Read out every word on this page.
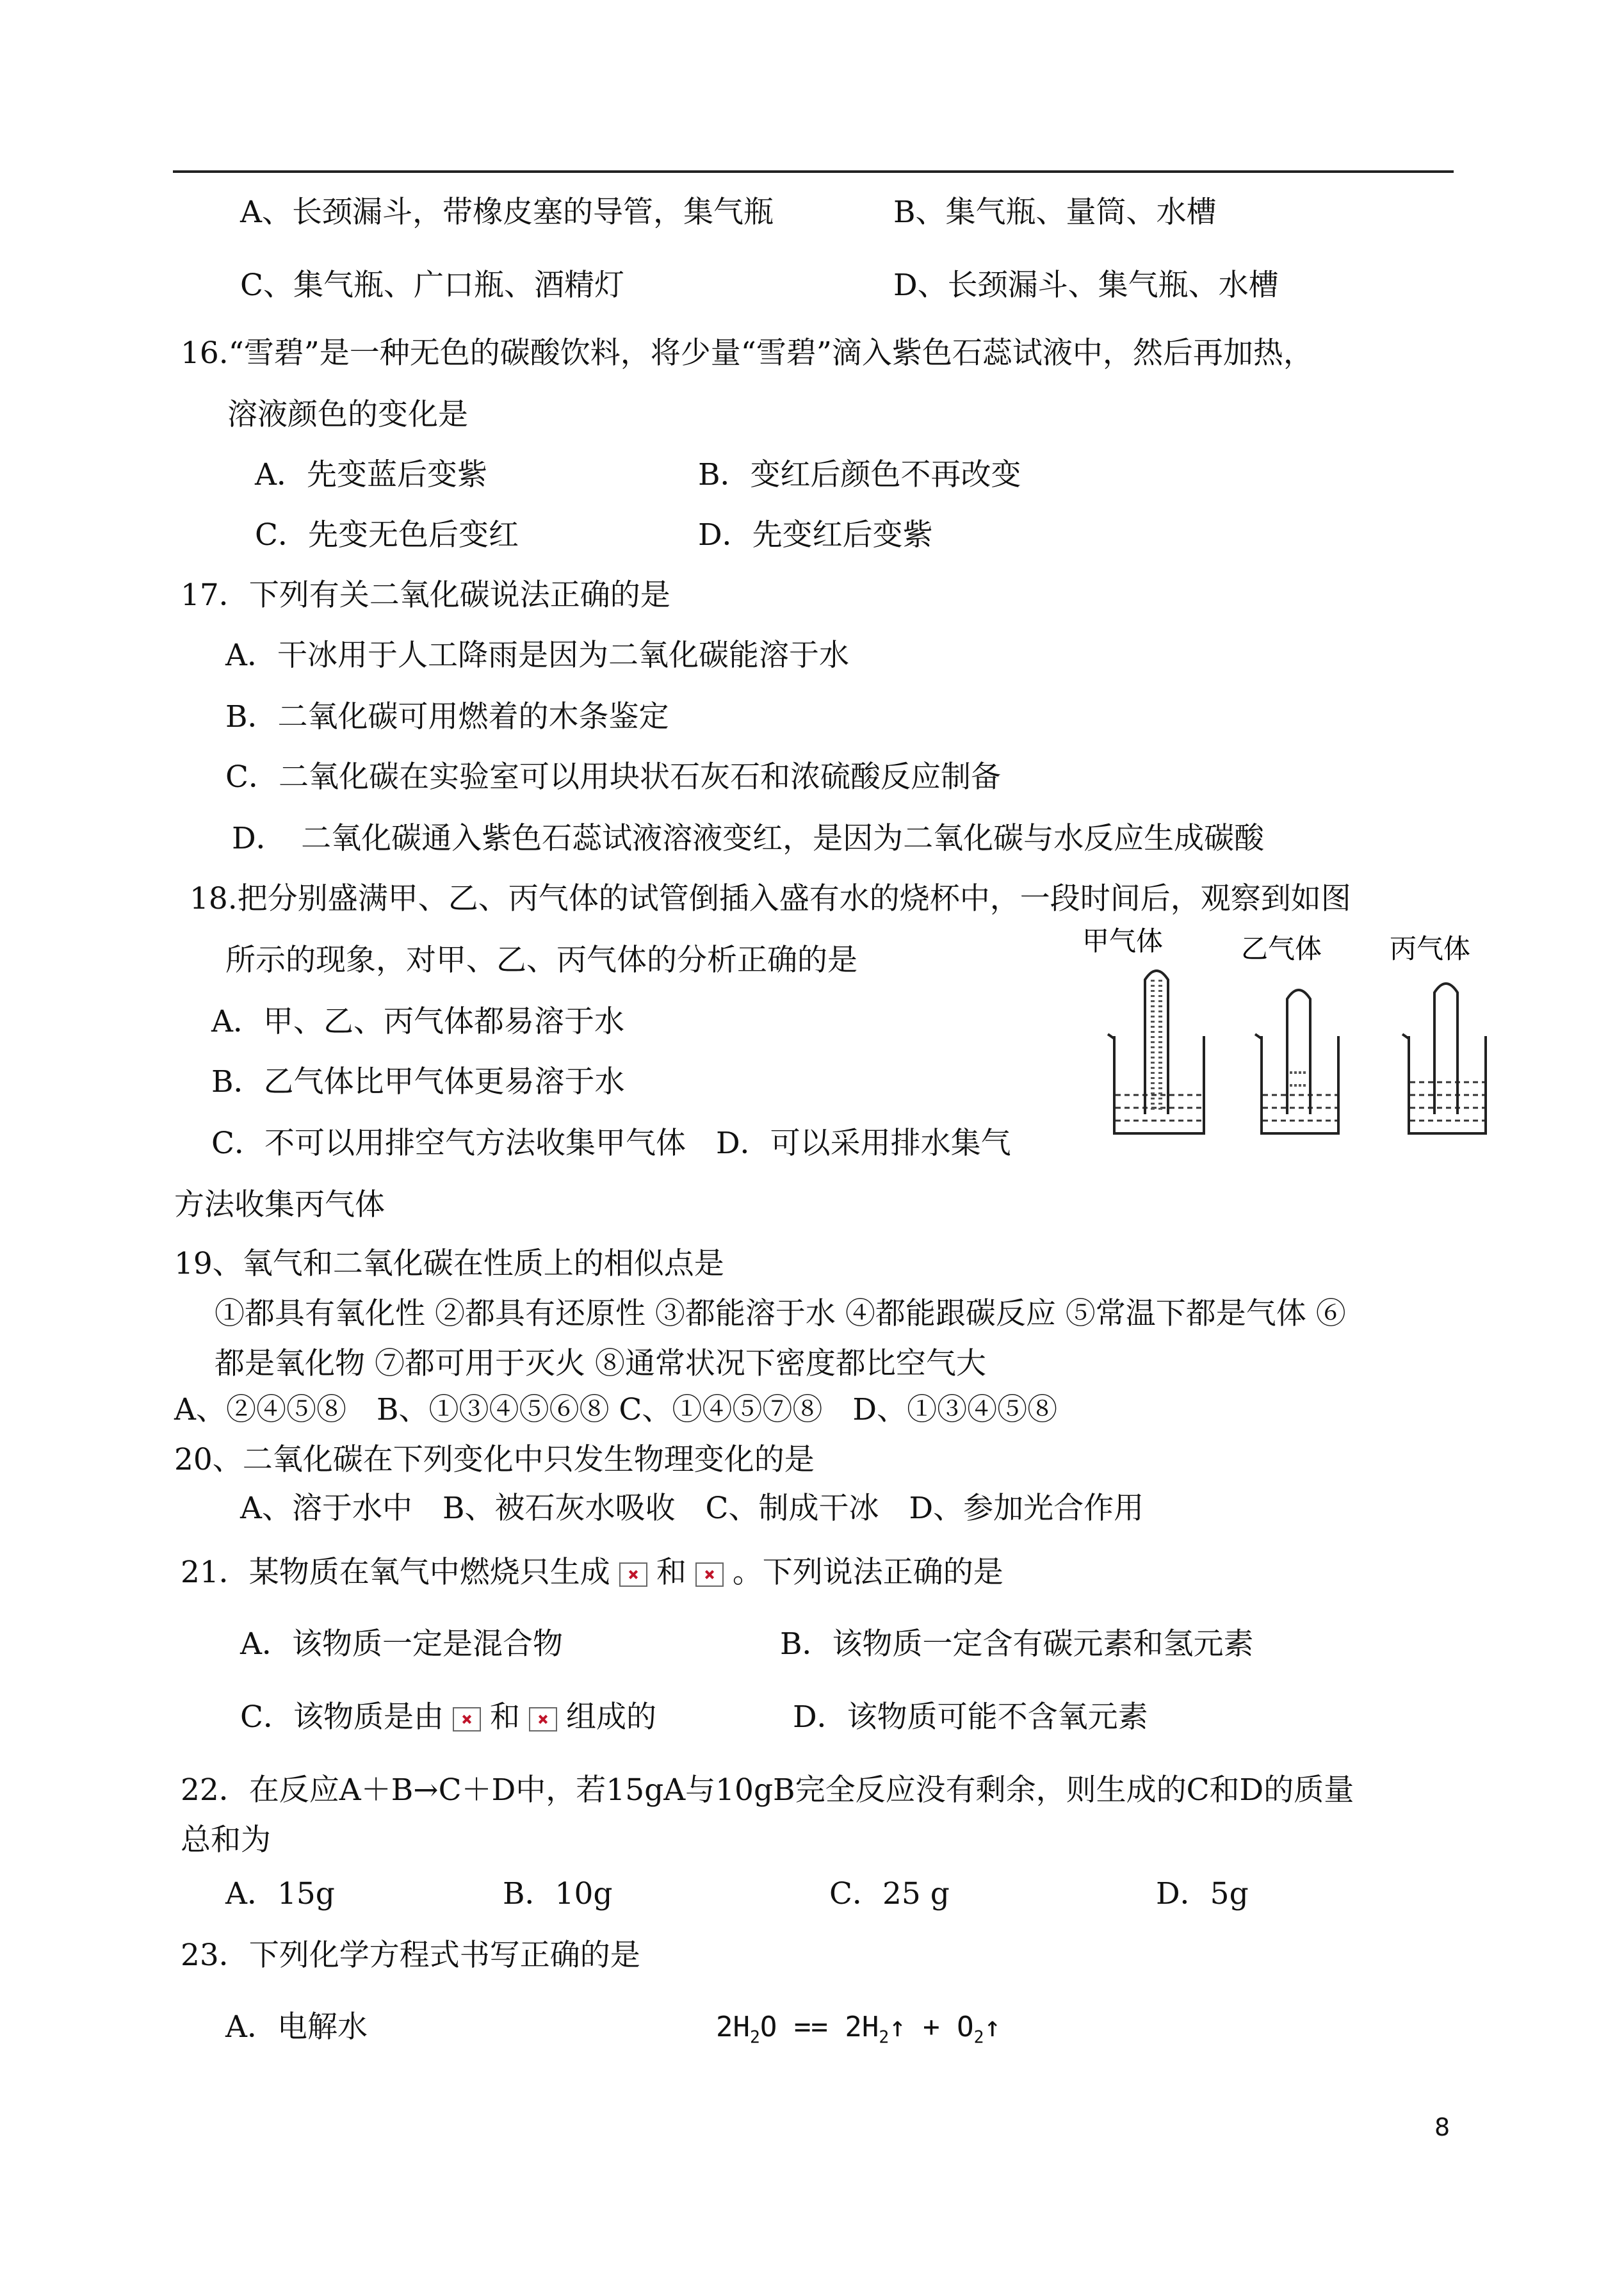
A、长颈漏斗，带橡皮塞的导管，集气瓶	B、集气瓶、量筒、水槽
C、集气瓶、广口瓶、酒精灯	D、长颈漏斗、集气瓶、水槽
16.“雪碧”是一种无色的碳酸饮料，将少量“雪碧”滴入紫色石蕊试液中，然后再加热，
溶液颜色的变化是
A．先变蓝后变紫	B．变红后颜色不再改变
C．先变无色后变红	D．先变红后变紫
17．下列有关二氧化碳说法正确的是
A．干冰用于人工降雨是因为二氧化碳能溶于水
B．二氧化碳可用燃着的木条鉴定
C．二氧化碳在实验室可以用块状石灰石和浓硫酸反应制备
D．　二氧化碳通入紫色石蕊试液溶液变红，是因为二氧化碳与水反应生成碳酸
18.把分别盛满甲、乙、丙气体的试管倒插入盛有水的烧杯中，一段时间后，观察到如图
所示的现象，对甲、乙、丙气体的分析正确的是
A．甲、乙、丙气体都易溶于水
B．乙气体比甲气体更易溶于水
C．不可以用排空气方法收集甲气体　D．可以采用排水集气
方法收集丙气体
甲气体	乙气体	丙气体
19、氧气和二氧化碳在性质上的相似点是
①都具有氧化性 ②都具有还原性 ③都能溶于水 ④都能跟碳反应 ⑤常温下都是气体 ⑥
都是氧化物 ⑦都可用于灭火 ⑧通常状况下密度都比空气大
A、②④⑤⑧　B、①③④⑤⑥⑧ C、①④⑤⑦⑧　D、①③④⑤⑧
20、二氧化碳在下列变化中只发生物理变化的是
A、溶于水中　B、被石灰水吸收　C、制成干冰　D、参加光合作用
21．某物质在氧气中燃烧只生成 和 。下列说法正确的是
A．该物质一定是混合物	B．该物质一定含有碳元素和氢元素
C．该物质是由 和 组成的	D．该物质可能不含氧元素
22．在反应A＋B→C＋D中，若15gA与10gB完全反应没有剩余，则生成的C和D的质量
总和为
A．15g	B．10g	C．25 g	D．5g
23．下列化学方程式书写正确的是
A．电解水	$2H_2O$ == $2H_2↑$ + $O_2↑$
8
